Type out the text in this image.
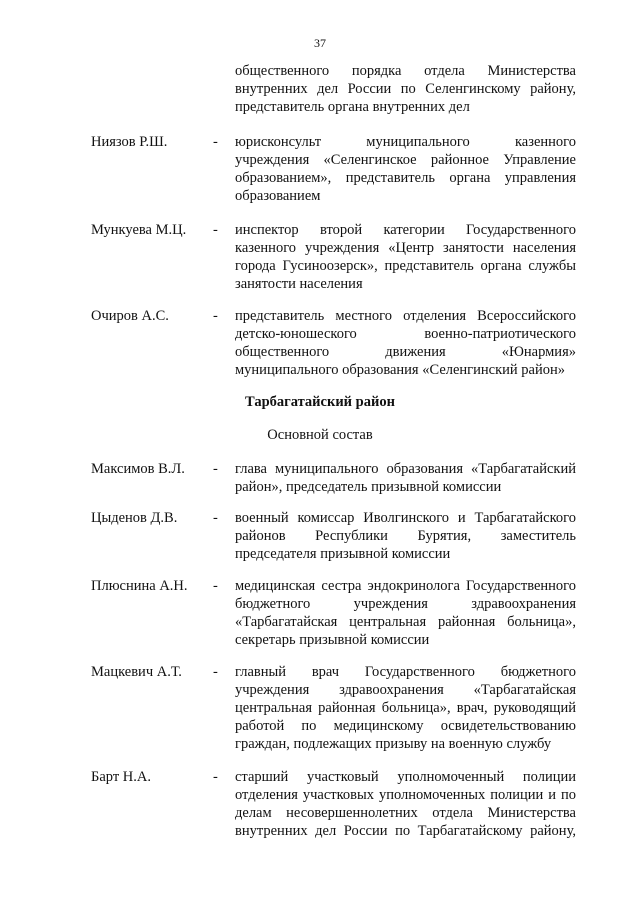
37
общественного порядка отдела Министерства
внутренних дел России по Селенгинскому району,
представитель органа внутренних дел
Ниязов Р.Ш.	- юрисконсульт муниципального казенного
учреждения «Селенгинское районное Управление
образованием», представитель органа управления
образованием
Мункуева М.Ц. - инспектор второй категории Государственного
казенного учреждения «Центр занятости населения
города Гусиноозерск», представитель органа службы
занятости населения
Очиров А.С.	- представитель местного отделения Всероссийского
детско-юношеского военно-патриотического
общественного движения «Юнармия»
муниципального образования «Селенгинский район»
Тарбагатайский район
Основной состав
Максимов В.Л. - глава муниципального образования «Тарбагатайский
район», председатель призывной комиссии
Цыденов Д.В. - военный комиссар Иволгинского и Тарбагатайского
районов Республики Бурятия, заместитель
председателя призывной комиссии
Плюснина А.Н. - медицинская сестра эндокринолога Государственного
бюджетного учреждения здравоохранения
«Тарбагатайская центральная районная больница»,
секретарь призывной комиссии
Мацкевич А.Т. - главный врач Государственного бюджетного
учреждения здравоохранения «Тарбагатайская
центральная районная больница», врач, руководящий
работой по медицинскому освидетельствованию
граждан, подлежащих призыву на военную службу
Барт Н.А.	- старший участковый уполномоченный полиции
отделения участковых уполномоченных полиции и по
делам несовершеннолетних отдела Министерства
внутренних дел России по Тарбагатайскому району,
